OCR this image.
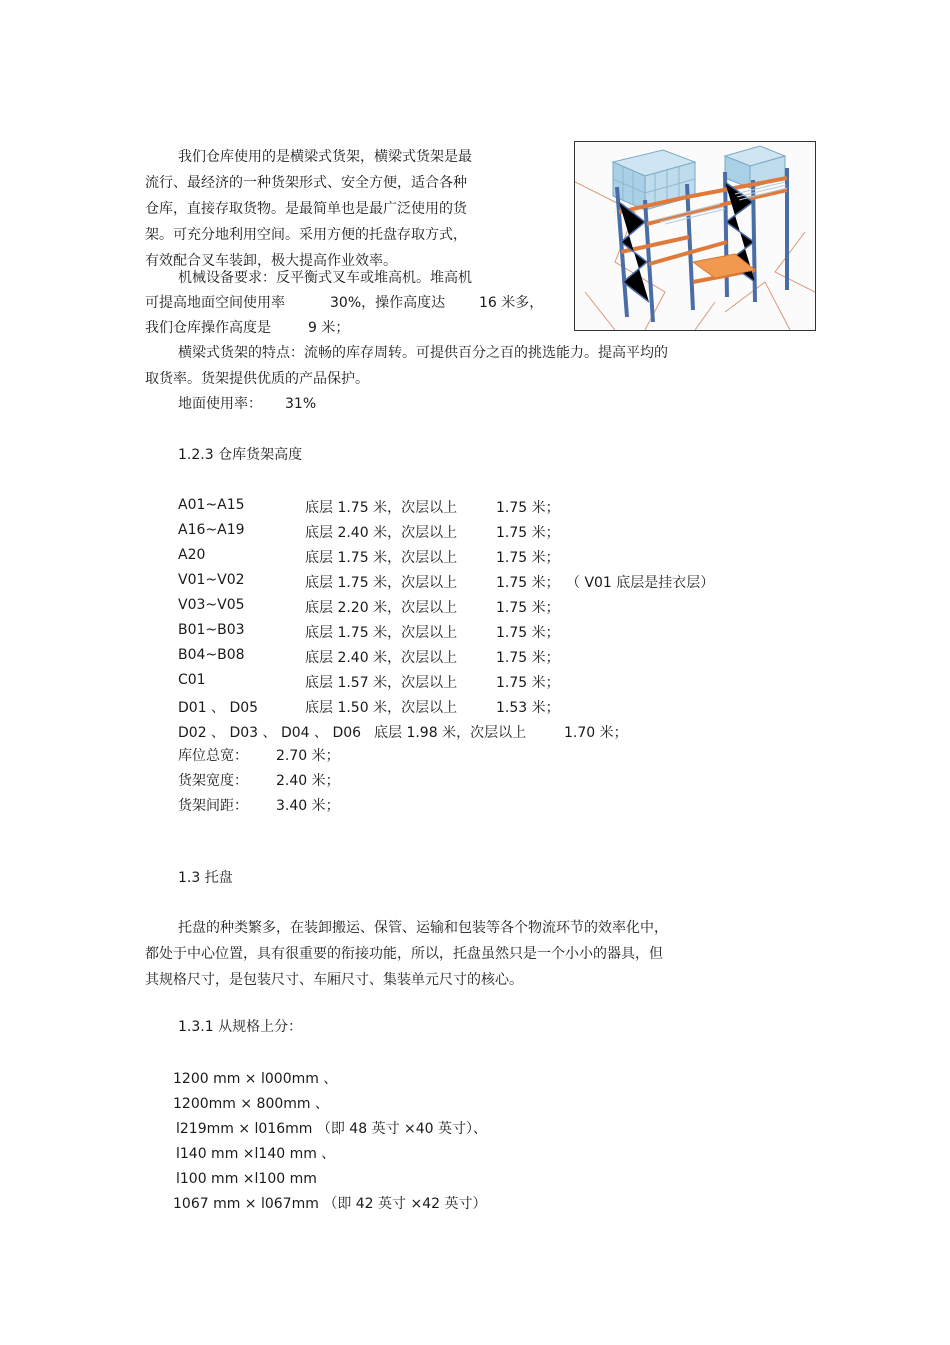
我们仓库使用的是横梁式货架，横梁式货架是最
流行、最经济的一种货架形式、安全方便，适合各种
仓库，直接存取货物。是最简单也是最广泛使用的货
架。可充分地利用空间。采用方便的托盘存取方式，
有效配合叉车装卸，极大提高作业效率。
机械设备要求：反平衡式叉车或堆高机。堆高机
可提高地面空间使用率	30%，操作高度达 16 米多，
我们仓库操作高度是	9 米；
横梁式货架的特点：流畅的库存周转。可提供百分之百的挑选能力。提高平均的
取货率。货架提供优质的产品保护。
地面使用率： 31%
1.2.3 仓库货架高度
A01~A15	底层 1.75 米，次层以上	1.75 米；
A16~A19	底层 2.40 米，次层以上	1.75 米；
A20	底层 1.75 米，次层以上	1.75 米；
V01~V02	底层 1.75 米，次层以上	1.75 米； （ V01 底层是挂衣层）
V03~V05	底层 2.20 米，次层以上	1.75 米；
B01~B03	底层 1.75 米，次层以上	1.75 米；
B04~B08	底层 2.40 米，次层以上	1.75 米；
C01	底层 1.57 米，次层以上	1.75 米；
D01 、 D05	底层 1.50 米，次层以上	1.53 米；
D02 、 D03 、 D04 、 D06 底层 1.98 米，次层以上	1.70 米；
库位总宽： 2.70 米；
货架宽度： 2.40 米；
货架间距： 3.40 米；
1.3 托盘
托盘的种类繁多，在装卸搬运、保管、运输和包装等各个物流环节的效率化中，
都处于中心位置，具有很重要的衔接功能，所以，托盘虽然只是一个小小的器具，但
其规格尺寸，是包装尺寸、车厢尺寸、集装单元尺寸的核心。
1.3.1 从规格上分：
1200 mm × l000mm 、
1200mm × 800mm 、
l219mm × l016mm （即 48 英寸 ×40 英寸）、
l140 mm ×l140 mm 、
l100 mm ×l100 mm
1067 mm × l067mm （即 42 英寸 ×42 英寸）
